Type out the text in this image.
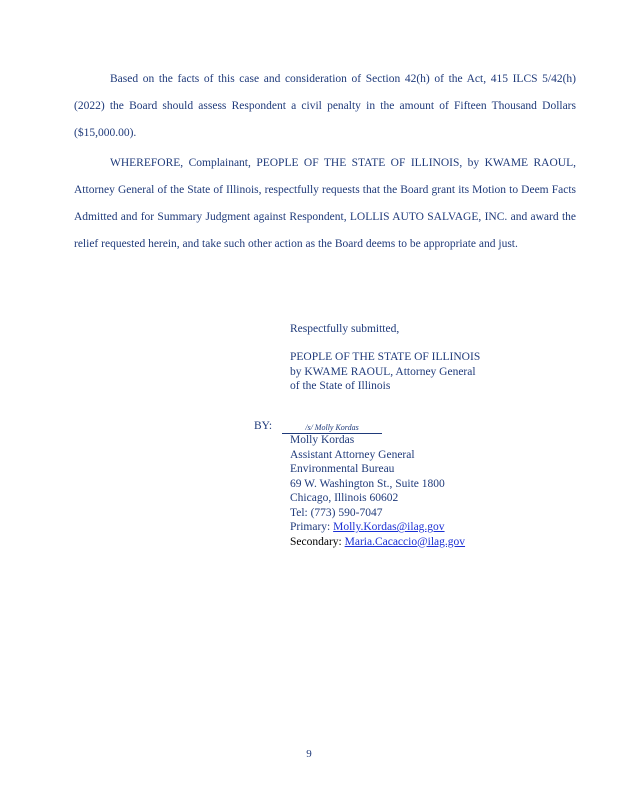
Based on the facts of this case and consideration of Section 42(h) of the Act, 415 ILCS 5/42(h) (2022) the Board should assess Respondent a civil penalty in the amount of Fifteen Thousand Dollars ($15,000.00).
WHEREFORE, Complainant, PEOPLE OF THE STATE OF ILLINOIS, by KWAME RAOUL, Attorney General of the State of Illinois, respectfully requests that the Board grant its Motion to Deem Facts Admitted and for Summary Judgment against Respondent, LOLLIS AUTO SALVAGE, INC. and award the relief requested herein, and take such other action as the Board deems to be appropriate and just.
Respectfully submitted,
PEOPLE OF THE STATE OF ILLINOIS
by KWAME RAOUL, Attorney General
of the State of Illinois
BY:	/s/ Molly Kordas
Molly Kordas
Assistant Attorney General
Environmental Bureau
69 W. Washington St., Suite 1800
Chicago, Illinois 60602
Tel: (773) 590-7047
Primary: Molly.Kordas@ilag.gov
Secondary: Maria.Cacaccio@ilag.gov
9
